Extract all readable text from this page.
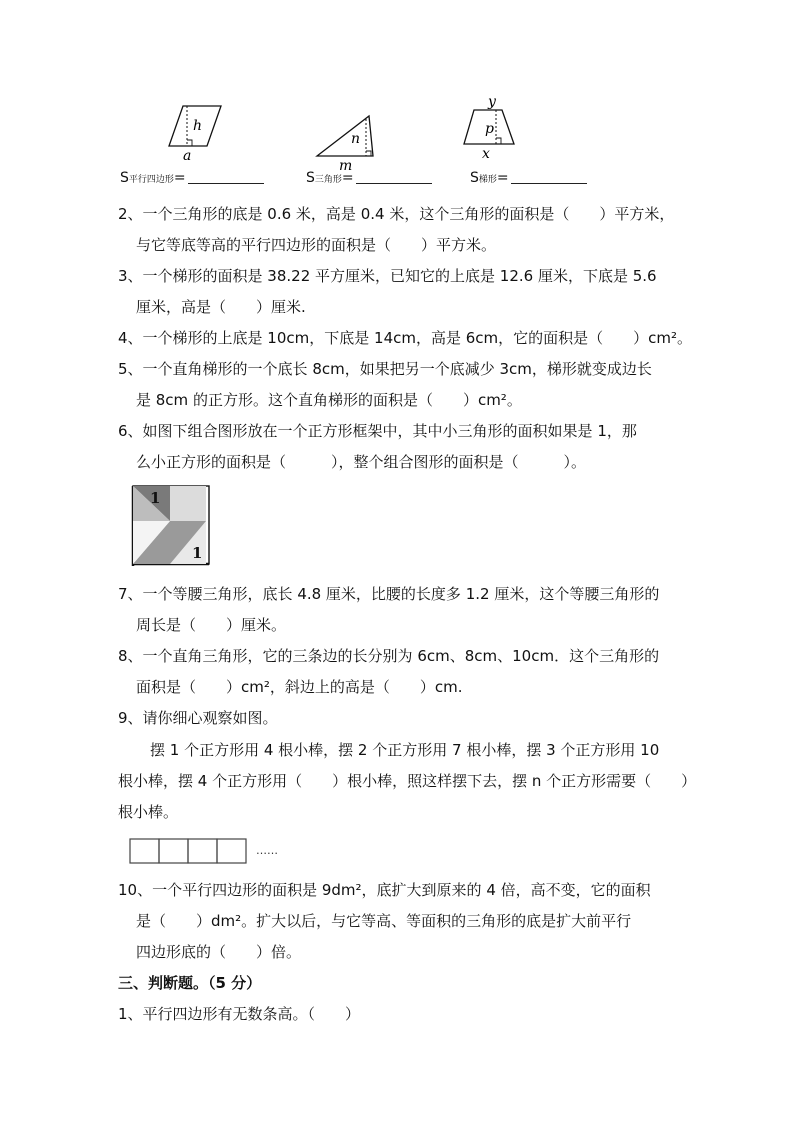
h
a
n
m
y
p
x
S平行四边形=	S三角形=	S梯形=
2、一个三角形的底是 0.6 米，高是 0.4 米，这个三角形的面积是（　　）平方米，
与它等底等高的平行四边形的面积是（　　）平方米。
3、一个梯形的面积是 38.22 平方厘米，已知它的上底是 12.6 厘米，下底是 5.6
厘米，高是（　　）厘米.
4、一个梯形的上底是 10cm，下底是 14cm，高是 6cm，它的面积是（　　）cm²。
5、一个直角梯形的一个底长 8cm，如果把另一个底减少 3cm，梯形就变成边长
是 8cm 的正方形。这个直角梯形的面积是（　　）cm²。
6、如图下组合图形放在一个正方形框架中，其中小三角形的面积如果是 1，那
么小正方形的面积是（　　　），整个组合图形的面积是（　　　）。
1
1
7、一个等腰三角形，底长 4.8 厘米，比腰的长度多 1.2 厘米，这个等腰三角形的
周长是（　　）厘米。
8、一个直角三角形，它的三条边的长分别为 6cm、8cm、10cm．这个三角形的
面积是（　　）cm²，斜边上的高是（　　）cm.
9、请你细心观察如图。
摆 1 个正方形用 4 根小棒，摆 2 个正方形用 7 根小棒，摆 3 个正方形用 10
根小棒，摆 4 个正方形用（　　）根小棒，照这样摆下去，摆 n 个正方形需要（　　）
根小棒。
……
10、一个平行四边形的面积是 9dm²，底扩大到原来的 4 倍，高不变，它的面积
是（　　）dm²。扩大以后，与它等高、等面积的三角形的底是扩大前平行
四边形底的（　　）倍。
三、判断题。（5 分）
1、平行四边形有无数条高。（　　）
